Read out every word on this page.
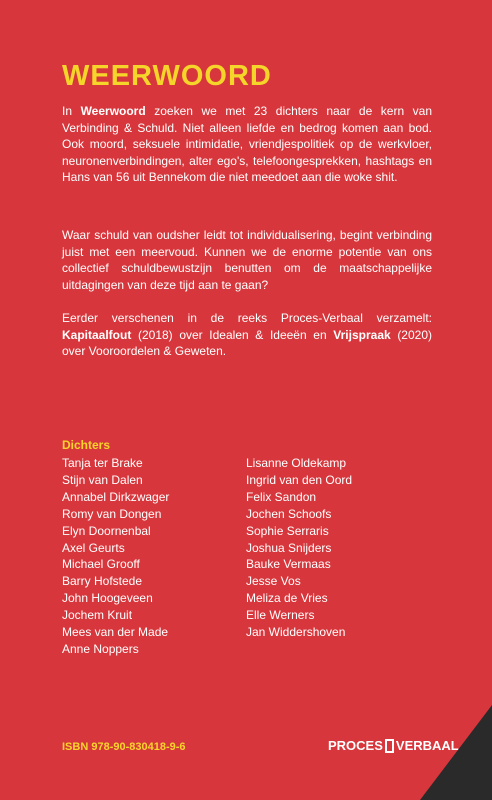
WEERWOORD

In Weerwoord zoeken we met 23 dichters naar de kern van Verbinding & Schuld. Niet alleen liefde en bedrog komen aan bod. Ook moord, seksuele intimidatie, vriendjespolitiek op de werkvloer, neuronenverbindingen, alter ego's, telefoongesprekken, hashtags en Hans van 56 uit Bennekom die niet meedoet aan die woke shit.

Waar schuld van oudsher leidt tot individualisering, begint verbinding juist met een meervoud. Kunnen we de enorme potentie van ons collectief schuldbewustzijn benutten om de maatschappelijke uitdagingen van deze tijd aan te gaan?

Eerder verschenen in de reeks Proces-Verbaal verzamelt: Kapitaalfout (2018) over Idealen & Ideeën en Vrijspraak (2020) over Vooroordelen & Geweten.

Dichters
Tanja ter Brake
Stijn van Dalen
Annabel Dirkzwager
Romy van Dongen
Elyn Doornenbal
Axel Geurts
Michael Grooff
Barry Hofstede
John Hoogeveen
Jochem Kruit
Mees van der Made
Anne Noppers
Lisanne Oldekamp
Ingrid van den Oord
Felix Sandon
Jochen Schoofs
Sophie Serraris
Joshua Snijders
Bauke Vermaas
Jesse Vos
Meliza de Vries
Elle Werners
Jan Widdershoven
ISBN 978-90-830418-9-6	PROCES VERBAAL
